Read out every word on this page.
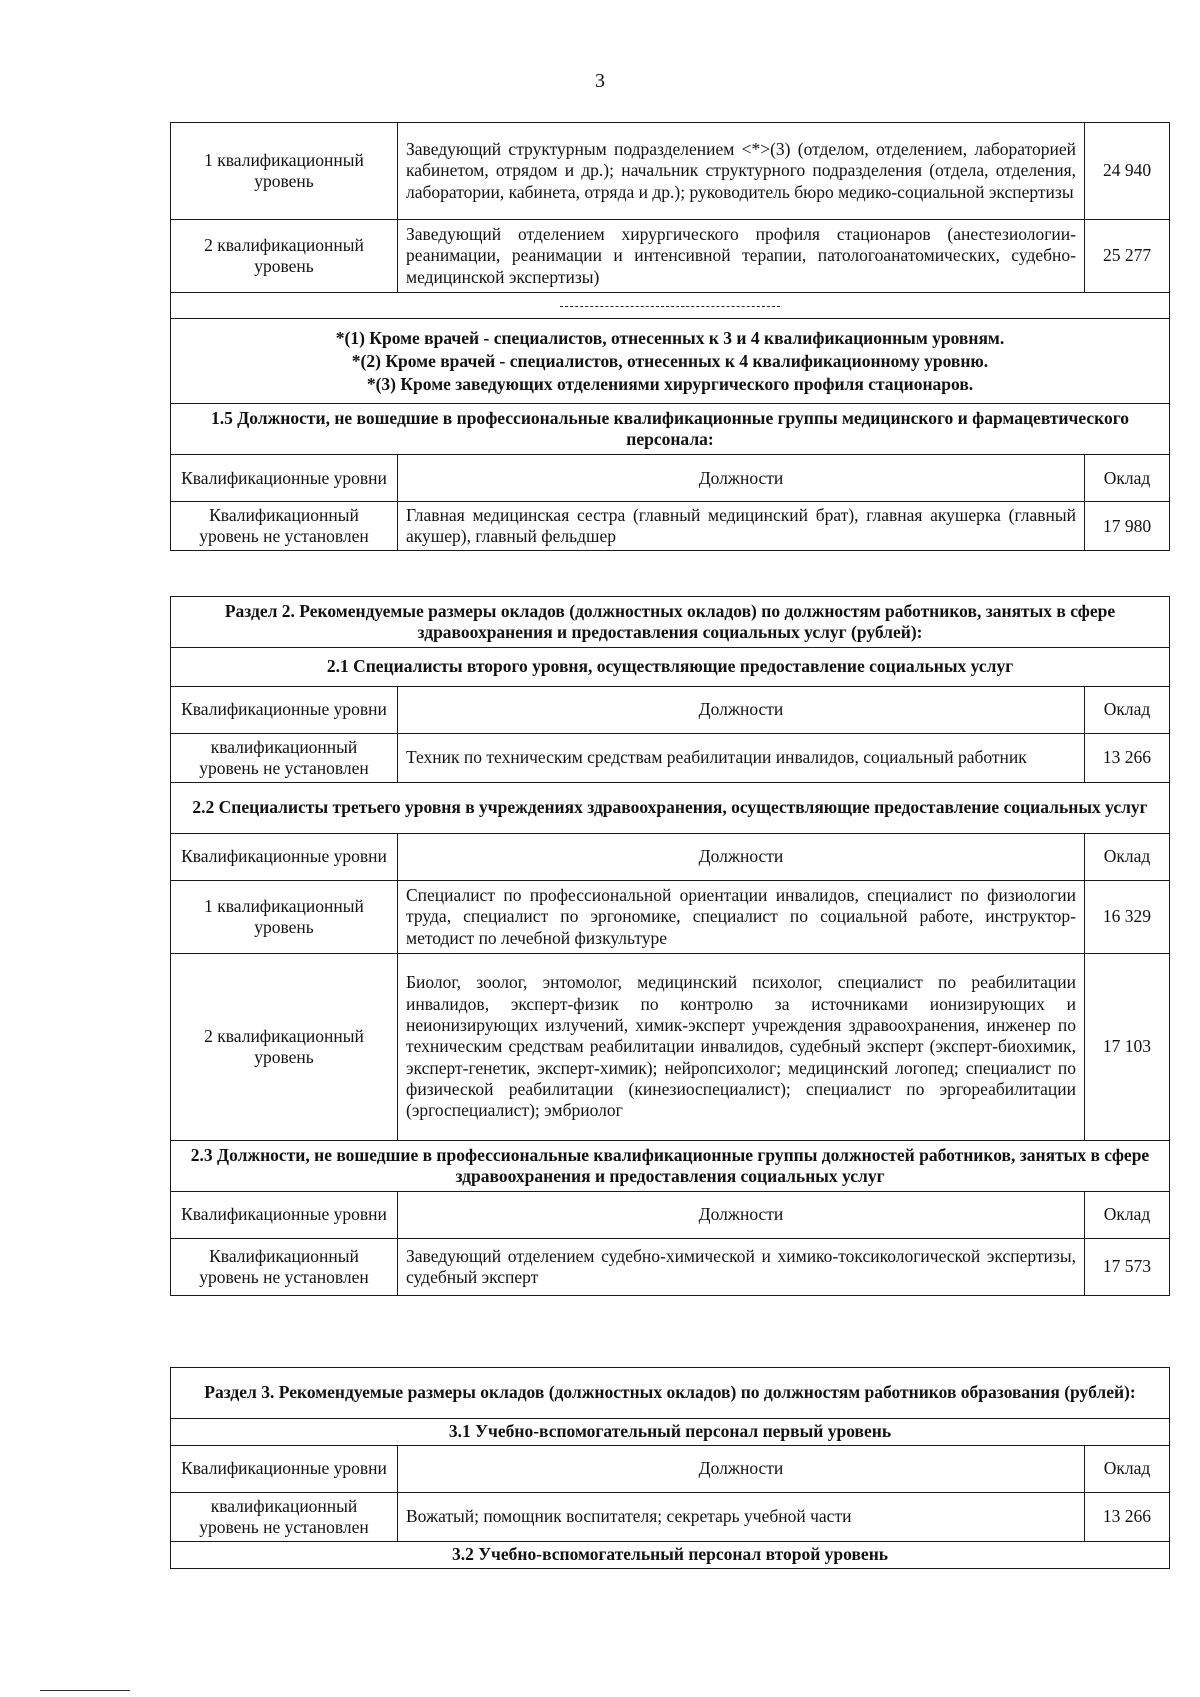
3
1 квалификационный уровень	Заведующий структурным подразделением <*>(3) (отделом, отделением, лабораторией кабинетом, отрядом и др.); начальник структурного подразделения (отдела, отделения, лаборатории, кабинета, отряда и др.); руководитель бюро медико-социальной экспертизы	24 940
2 квалификационный уровень	Заведующий отделением хирургического профиля стационаров (анестезиологии-реанимации, реанимации и интенсивной терапии, патологоанатомических, судебно-медицинской экспертизы)	25 277

*(1) Кроме врачей - специалистов, отнесенных к 3 и 4 квалификационным уровням.
*(2) Кроме врачей - специалистов, отнесенных к 4 квалификационному уровню.
*(3) Кроме заведующих отделениями хирургического профиля стационаров.		

1.5 Должности, не вошедшие в профессиональные квалификационные группы медицинского и фармацевтического персонала:		
Квалификационные уровни	Должности	Оклад
Квалификационный уровень не установлен	Главная медицинская сестра (главный медицинский брат), главная акушерка (главный акушер), главный фельдшер	17 980
Раздел 2. Рекомендуемые размеры окладов (должностных окладов) по должностям работников, занятых в сфере здравоохранения и предоставления социальных услуг (рублей):		
2.1 Специалисты второго уровня, осуществляющие предоставление социальных услуг		
Квалификационные уровни	Должности	Оклад
квалификационный уровень не установлен	Техник по техническим средствам реабилитации инвалидов, социальный работник	13 266
2.2 Специалисты третьего уровня в учреждениях здравоохранения, осуществляющие предоставление социальных услуг		
Квалификационные уровни	Должности	Оклад
1 квалификационный уровень	Специалист по профессиональной ориентации инвалидов, специалист по физиологии труда, специалист по эргономике, специалист по социальной работе, инструктор-методист по лечебной физкультуре	16 329
2 квалификационный уровень	Биолог, зоолог, энтомолог, медицинский психолог, специалист по реабилитации инвалидов, эксперт-физик по контролю за источниками ионизирующих и неионизирующих излучений, химик-эксперт учреждения здравоохранения, инженер по техническим средствам реабилитации инвалидов, судебный эксперт (эксперт-биохимик, эксперт-генетик, эксперт-химик); нейропсихолог; медицинский логопед; специалист по физической реабилитации (кинезиоспециалист); специалист по эргореабилитации (эргоспециалист); эмбриолог	17 103
2.3 Должности, не вошедшие в профессиональные квалификационные группы должностей работников, занятых в сфере здравоохранения и предоставления социальных услуг		
Квалификационные уровни	Должности	Оклад
Квалификационный уровень не установлен	Заведующий отделением судебно-химической и химико-токсикологической экспертизы, судебный эксперт	17 573
Раздел 3. Рекомендуемые размеры окладов (должностных окладов) по должностям работников образования (рублей):		
3.1 Учебно-вспомогательный персонал первый уровень		
Квалификационные уровни	Должности	Оклад
квалификационный уровень не установлен	Вожатый; помощник воспитателя; секретарь учебной части	13 266
3.2 Учебно-вспомогательный персонал второй уровень		
